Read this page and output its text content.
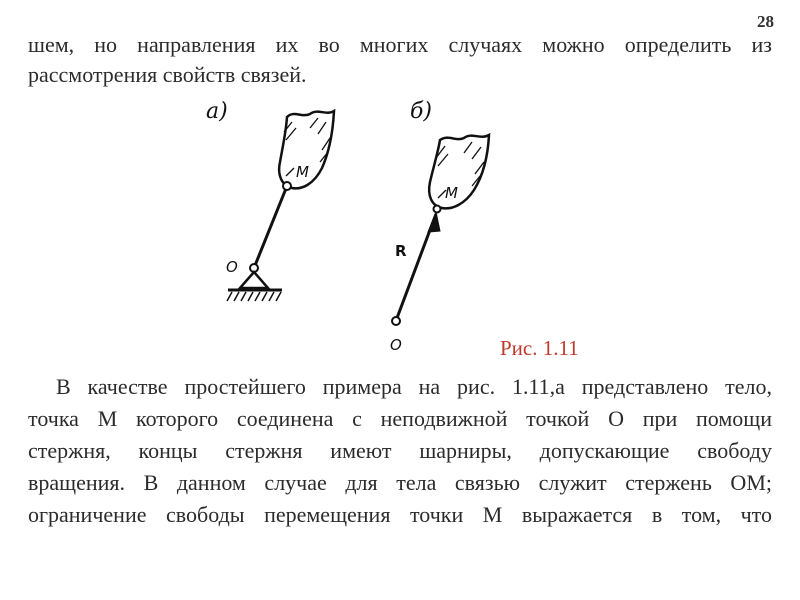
28
шем, но направления их во многих случаях можно определить из
рассмотрения свойств связей.
а)
M
O
б)
M
R
O	Рис. 1.11
В качестве простейшего примера на рис. 1.11,а представлено тело,
точка М которого соединена с неподвижной точкой О при помощи
стержня, концы стержня имеют шарниры, допускающие свободу
вращения. В данном случае для тела связью служит стержень ОМ;
ограничение свободы перемещения точки М выражается в том, что
